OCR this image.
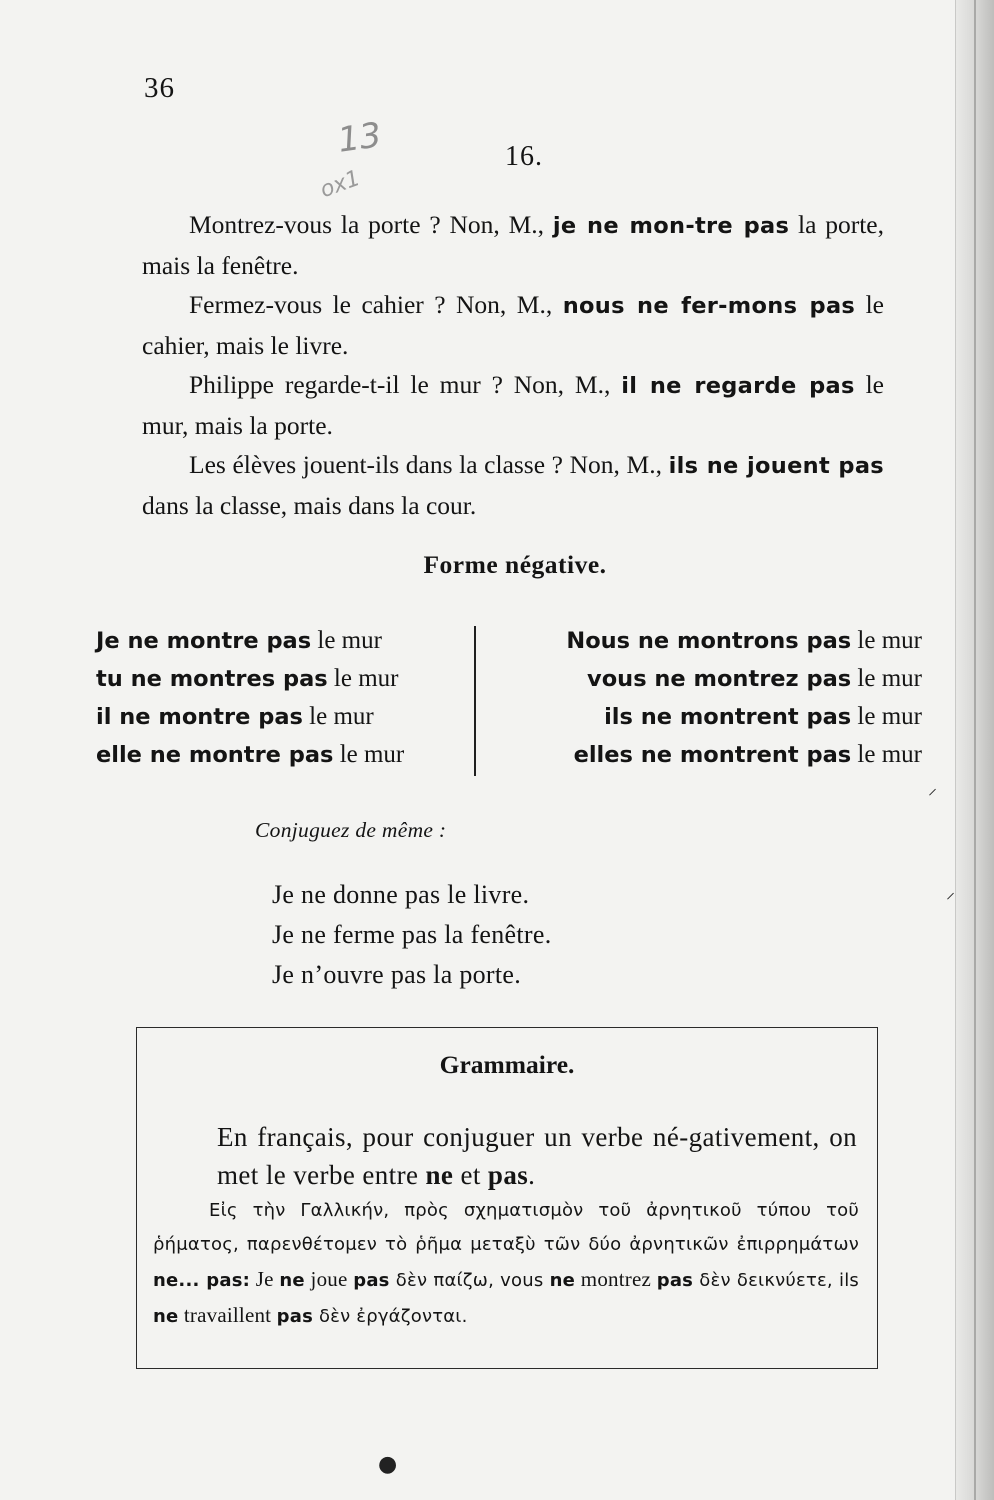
36
13
ox1
16.

Montrez-vous la porte ? Non, M., je ne mon-tre pas la porte, mais la fenêtre.

Fermez-vous le cahier ? Non, M., nous ne fer-mons pas le cahier, mais le livre.

Philippe regarde-t-il le mur ? Non, M., il ne regarde pas le mur, mais la porte.

Les élèves jouent-ils dans la classe ? Non, M., ils ne jouent pas dans la classe, mais dans la cour.

Forme négative.
Je ne montre pas le mur
tu ne montres pas le mur
il ne montre pas le mur
elle ne montre pas le mur
Nous ne montrons pas le mur
vous ne montrez pas le mur
ils ne montrent pas le mur
elles ne montrent pas le mur
Conjuguez de même :
Je ne donne pas le livre.
Je ne ferme pas la fenêtre.
Je n’ouvre pas la porte.
Grammaire.

En français, pour conjuguer un verbe né-gativement, on met le verbe entre ne et pas.

Εἰς τὴν Γαλλικήν, πρὸς σχηματισμὸν τοῦ ἀρνητικοῦ τύπου τοῦ ῥήματος, παρενθέτομεν τὸ ῥῆμα μεταξὺ τῶν δύο ἀρνητικῶν ἐπιρρημάτων ne... pas: Je ne joue pas δὲν παίζω, vous ne montrez pas δὲν δεικνύετε, ils ne travaillent pas δὲν ἐργάζονται.

⸝
⸝
●
